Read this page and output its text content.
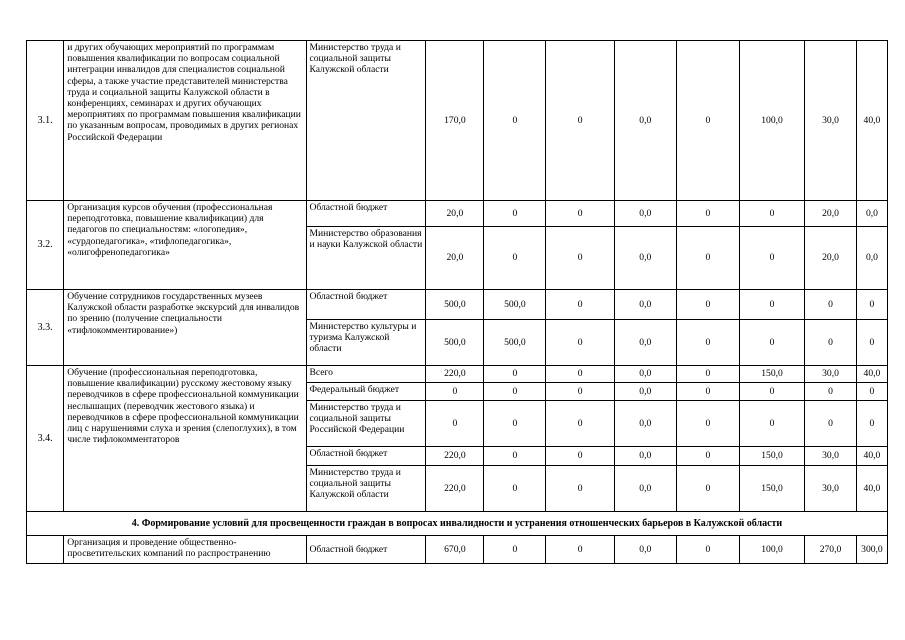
3.1.	и других обучающих мероприятий по программам повышения квалификации по вопросам социальной интеграции инвалидов для специалистов социальной сферы, а также участие представителей министерства труда и социальной защиты Калужской области в конференциях, семинарах и других обучающих мероприятиях по программам повышения квалификации по указанным вопросам, проводимых в других регионах Российской Федерации	Министерство труда и социальной защиты Калужской области	170,0	0	0	0,0	0	100,0	30,0	40,0
3.2.	Организация курсов обучения (профессиональная переподготовка, повышение квалификации) для педагогов по специальностям: «логопедия», «сурдопедагогика», «тифлопедагогика», «олигофренопедагогика»	Областной бюджет	20,0	0	0	0,0	0	0	20,0	0,0
		Министерство образования и науки Калужской области	20,0	0	0	0,0	0	0	20,0	0,0
3.3.	Обучение сотрудников государственных музеев Калужской области разработке экскурсий для инвалидов по зрению (получение специальности «тифлокомментирование»)	Областной бюджет	500,0	500,0	0	0,0	0	0	0	0
		Министерство культуры и туризма Калужской области	500,0	500,0	0	0,0	0	0	0	0
3.4.	Обучение (профессиональная переподготовка, повышение квалификации) русскому жестовому языку переводчиков в сфере профессиональной коммуникации неслышащих (переводчик жестового языка) и переводчиков в сфере профессиональной коммуникации лиц с нарушениями слуха и зрения (слепоглухих), в том числе тифлокомментаторов	Всего	220,0	0	0	0,0	0	150,0	30,0	40,0
		Федеральный бюджет	0	0	0	0,0	0	0	0	0
		Министерство труда и социальной защиты Российской Федерации	0	0	0	0,0	0	0	0	0
		Областной бюджет	220,0	0	0	0,0	0	150,0	30,0	40,0
		Министерство труда и социальной защиты Калужской области	220,0	0	0	0,0	0	150,0	30,0	40,0
4. Формирование условий для просвещенности граждан в вопросах инвалидности и устранения отношенческих барьеров в Калужской области										
	Организация и проведение общественно-просветительских компаний по распространению	Областной бюджет	670,0	0	0	0,0	0	100,0	270,0	300,0
